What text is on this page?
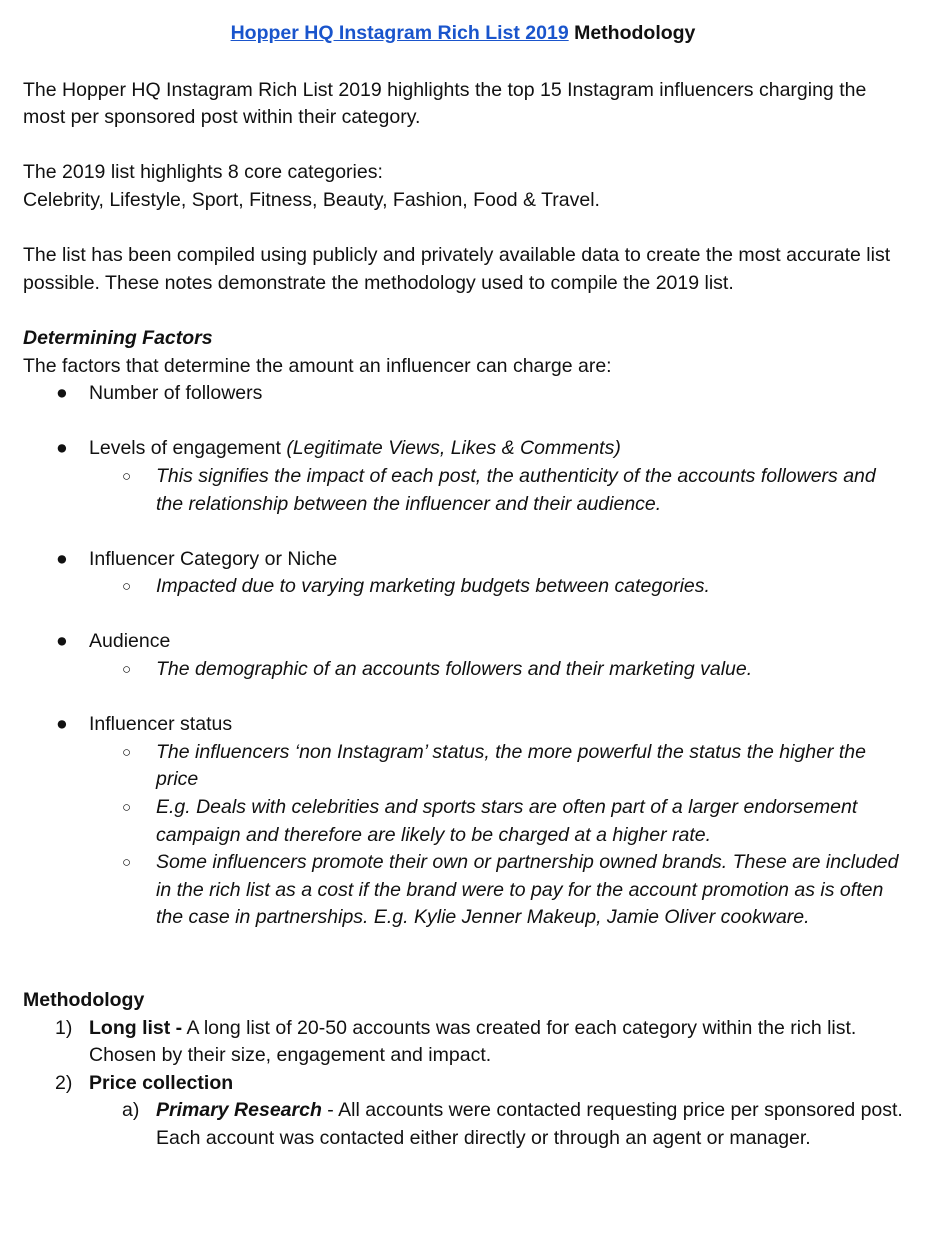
Hopper HQ Instagram Rich List 2019 Methodology

The Hopper HQ Instagram Rich List 2019 highlights the top 15 Instagram influencers charging the most per sponsored post within their category.

The 2019 list highlights 8 core categories:

Celebrity, Lifestyle, Sport, Fitness, Beauty, Fashion, Food & Travel.

The list has been compiled using publicly and privately available data to create the most accurate list possible. These notes demonstrate the methodology used to compile the 2019 list.

Determining Factors

The factors that determine the amount an influencer can charge are:

●	Number of followers
●	Levels of engagement (Legitimate Views, Likes & Comments)
○ This signifies the impact of each post, the authenticity of the accounts followers and the relationship between the influencer and their audience.
●	Influencer Category or Niche
○ Impacted due to varying marketing budgets between categories.
●	Audience
○ The demographic of an accounts followers and their marketing value.
●	Influencer status
○ The influencers ‘non Instagram’ status, the more powerful the status the higher the price
○ E.g. Deals with celebrities and sports stars are often part of a larger endorsement campaign and therefore are likely to be charged at a higher rate.
○ Some influencers promote their own or partnership owned brands. These are included in the rich list as a cost if the brand were to pay for the account promotion as is often the case in partnerships. E.g. Kylie Jenner Makeup, Jamie Oliver cookware.

Methodology

1) Long list - A long list of 20-50 accounts was created for each category within the rich list. Chosen by their size, engagement and impact.
2) Price collection
a) Primary Research - All accounts were contacted requesting price per sponsored post. Each account was contacted either directly or through an agent or manager.
